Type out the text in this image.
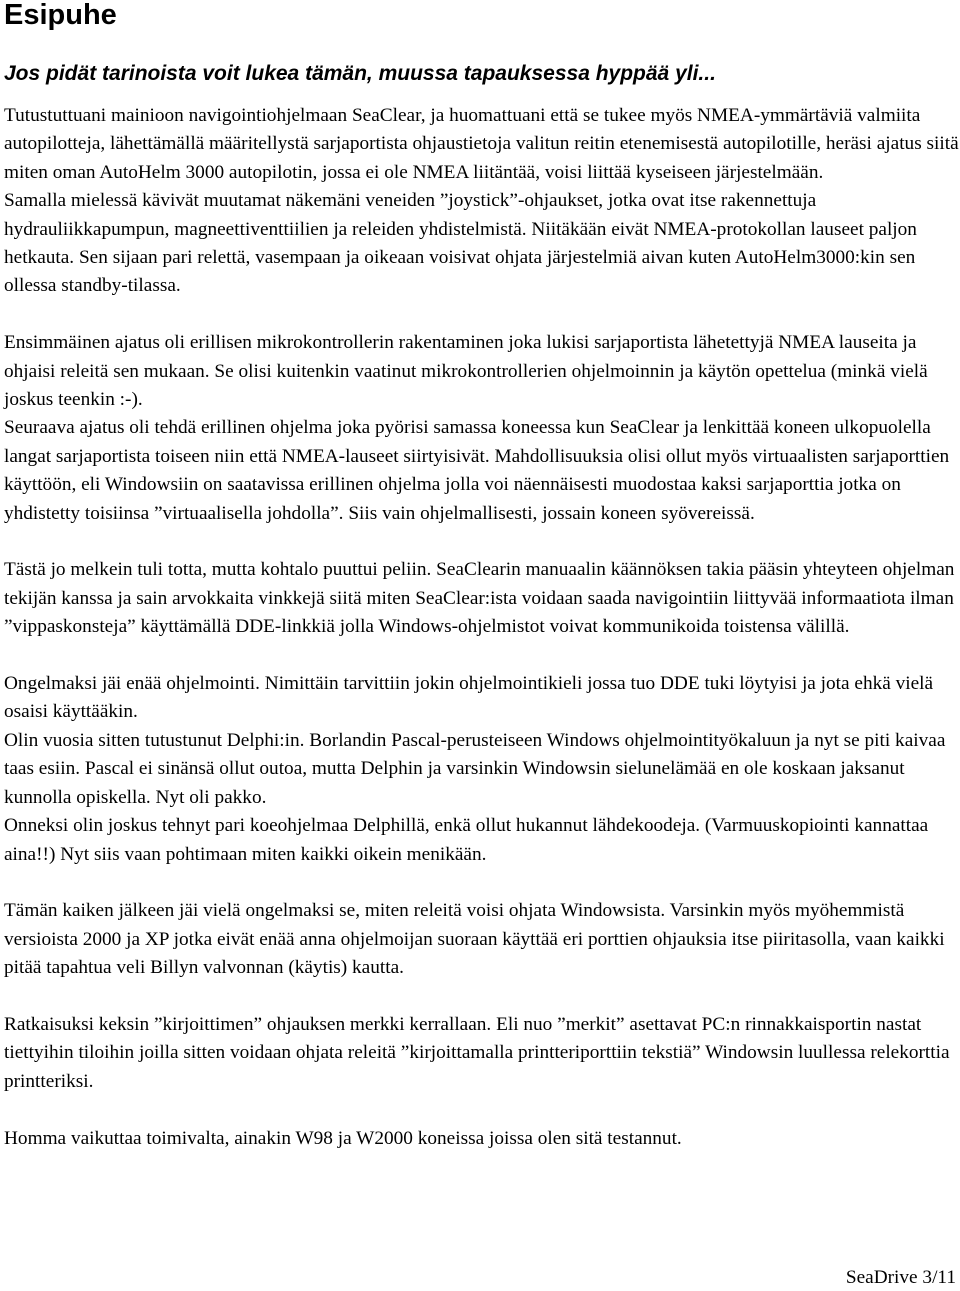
Esipuhe
Jos pidät tarinoista voit lukea tämän, muussa tapauksessa hyppää yli...

Tutustuttuani mainioon navigointiohjelmaan SeaClear, ja huomattuani että se tukee myös NMEA-ymmärtäviä valmiita autopilotteja, lähettämällä määritellystä sarjaportista ohjaustietoja valitun reitin etenemisestä autopilotille, heräsi ajatus siitä miten oman AutoHelm 3000 autopilotin, jossa ei ole NMEA liitäntää, voisi liittää kyseiseen järjestelmään.

Samalla mielessä kävivät muutamat näkemäni veneiden ”joystick”-ohjaukset, jotka ovat itse rakennettuja hydrauliikkapumpun, magneettiventtiilien ja releiden yhdistelmistä. Niitäkään eivät NMEA-protokollan lauseet paljon hetkauta. Sen sijaan pari relettä, vasempaan ja oikeaan voisivat ohjata järjestelmiä aivan kuten AutoHelm3000:kin sen ollessa standby-tilassa.

Ensimmäinen ajatus oli erillisen mikrokontrollerin rakentaminen joka lukisi sarjaportista lähetettyjä NMEA lauseita ja ohjaisi releitä sen mukaan. Se olisi kuitenkin vaatinut mikrokontrollerien ohjelmoinnin ja käytön opettelua (minkä vielä joskus teenkin :-).

Seuraava ajatus oli tehdä erillinen ohjelma joka pyörisi samassa koneessa kun SeaClear ja lenkittää koneen ulkopuolella langat sarjaportista toiseen niin että NMEA-lauseet siirtyisivät. Mahdollisuuksia olisi ollut myös virtuaalisten sarjaporttien käyttöön, eli Windowsiin on saatavissa erillinen ohjelma jolla voi näennäisesti muodostaa kaksi sarjaporttia jotka on yhdistetty toisiinsa ”virtuaalisella johdolla”. Siis vain ohjelmallisesti, jossain koneen syövereissä.

Tästä jo melkein tuli totta, mutta kohtalo puuttui peliin. SeaClearin manuaalin käännöksen takia pääsin yhteyteen ohjelman tekijän kanssa ja sain arvokkaita vinkkejä siitä miten SeaClear:ista voidaan saada navigointiin liittyvää informaatiota ilman ”vippaskonsteja” käyttämällä DDE-linkkiä jolla Windows-ohjelmistot voivat kommunikoida toistensa välillä.

Ongelmaksi jäi enää ohjelmointi. Nimittäin tarvittiin jokin ohjelmointikieli jossa tuo DDE tuki löytyisi ja jota ehkä vielä osaisi käyttääkin.

Olin vuosia sitten tutustunut Delphi:in. Borlandin Pascal-perusteiseen Windows ohjelmointityökaluun ja nyt se piti kaivaa taas esiin. Pascal ei sinänsä ollut outoa, mutta Delphin ja varsinkin Windowsin sielunelämää en ole koskaan jaksanut kunnolla opiskella. Nyt oli pakko.

Onneksi olin joskus tehnyt pari koeohjelmaa Delphillä, enkä ollut hukannut lähdekoodeja. (Varmuuskopiointi kannattaa aina!!) Nyt siis vaan pohtimaan miten kaikki oikein menikään.

Tämän kaiken jälkeen jäi vielä ongelmaksi se, miten releitä voisi ohjata Windowsista. Varsinkin myös myöhemmistä versioista 2000 ja XP jotka eivät enää anna ohjelmoijan suoraan käyttää eri porttien ohjauksia itse piiritasolla, vaan kaikki pitää tapahtua veli Billyn valvonnan (käytis) kautta.

Ratkaisuksi keksin ”kirjoittimen” ohjauksen merkki kerrallaan. Eli nuo ”merkit” asettavat PC:n rinnakkaisportin nastat tiettyihin tiloihin joilla sitten voidaan ohjata releitä ”kirjoittamalla printteriporttiin tekstiä” Windowsin luullessa relekorttia printteriksi.

Homma vaikuttaa toimivalta, ainakin W98 ja W2000 koneissa joissa olen sitä testannut.

SeaDrive 3/11
